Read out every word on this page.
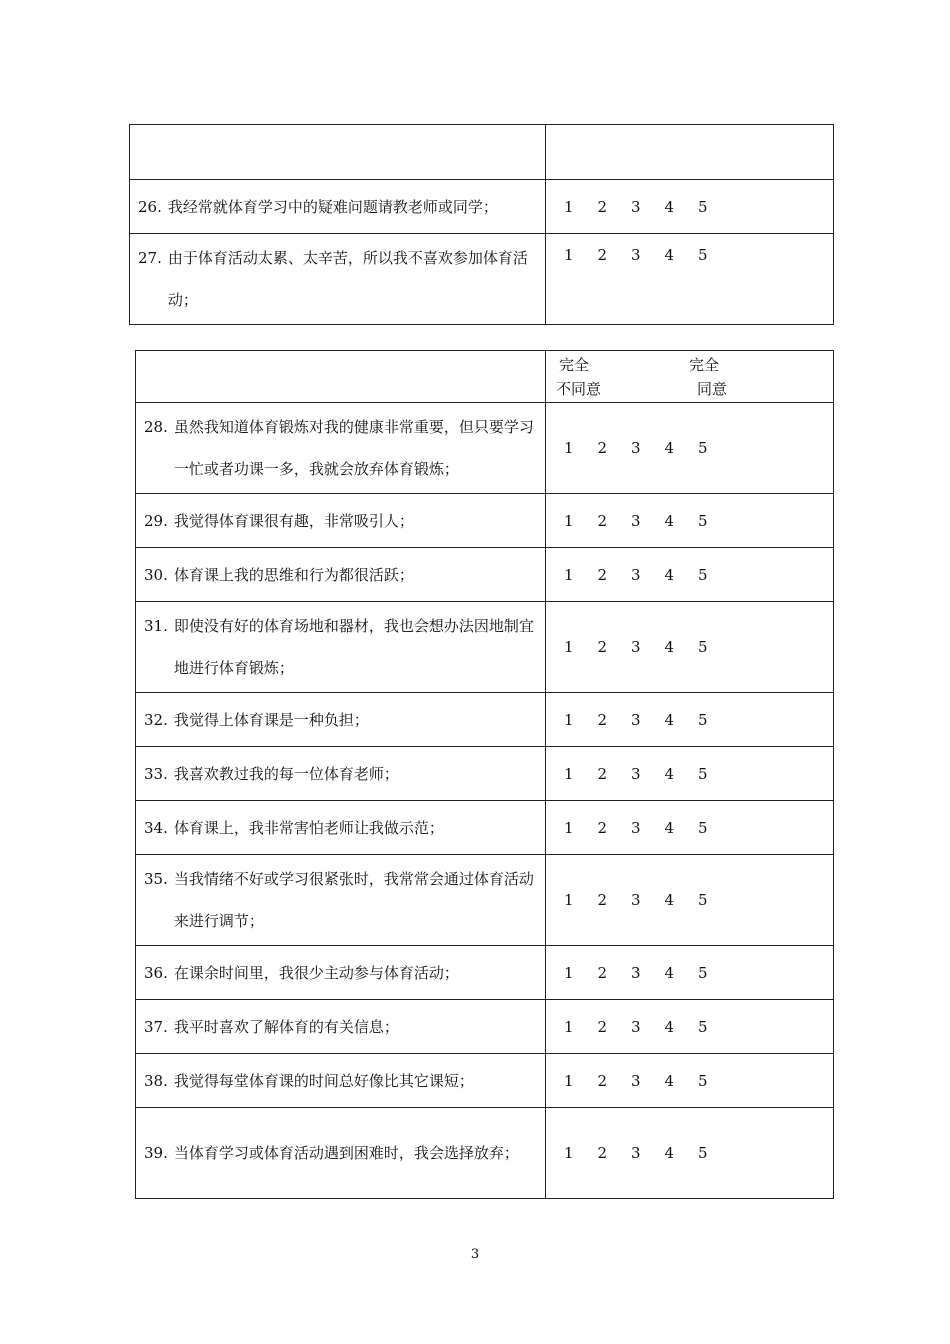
26. 我经常就体育学习中的疑难问题请教老师或同学；	1 2 3 4 5

27. 由于体育活动太累、太辛苦，所以我不喜欢参加体育活动；	1 2 3 4 5

	完全
不同意
完全
同意

28. 虽然我知道体育锻炼对我的健康非常重要，但只要学习一忙或者功课一多，我就会放弃体育锻炼；	1 2 3 4 5

29. 我觉得体育课很有趣，非常吸引人；	1 2 3 4 5

30. 体育课上我的思维和行为都很活跃；	1 2 3 4 5

31. 即使没有好的体育场地和器材，我也会想办法因地制宜地进行体育锻炼；	1 2 3 4 5

32. 我觉得上体育课是一种负担；	1 2 3 4 5

33. 我喜欢教过我的每一位体育老师；	1 2 3 4 5

34. 体育课上，我非常害怕老师让我做示范；	1 2 3 4 5

35. 当我情绪不好或学习很紧张时，我常常会通过体育活动来进行调节；	1 2 3 4 5

36. 在课余时间里，我很少主动参与体育活动；	1 2 3 4 5

37. 我平时喜欢了解体育的有关信息；	1 2 3 4 5

38. 我觉得每堂体育课的时间总好像比其它课短；	1 2 3 4 5

39. 当体育学习或体育活动遇到困难时，我会选择放弃；	1 2 3 4 5
3
